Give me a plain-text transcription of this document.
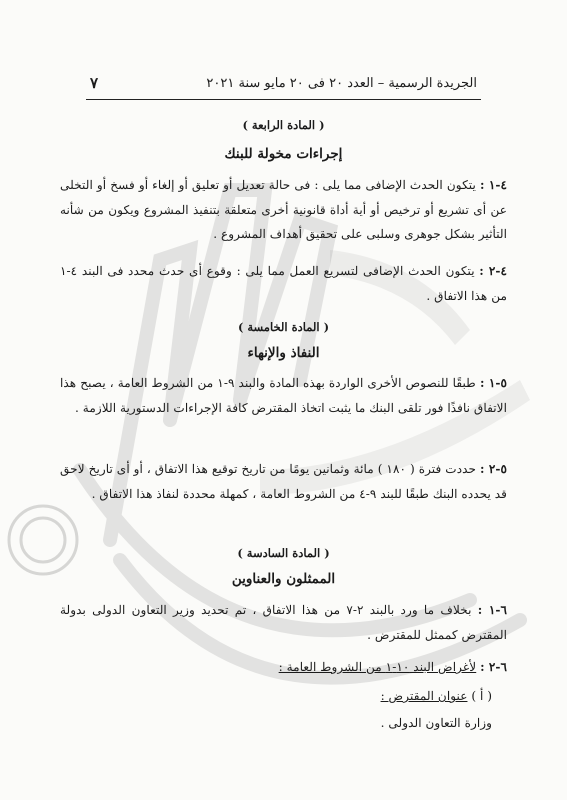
٧	الجريدة الرسمية – العدد ٢٠ فى ٢٠ مايو سنة ٢٠٢١
( المادة الرابعة )
إجراءات مخولة للبنك
٤-١ : يتكون الحدث الإضافى مما يلى : فى حالة تعديل أو تعليق أو إلغاء أو فسخ أو التخلى عن أى تشريع أو ترخيص أو أية أداة قانونية أخرى متعلقة بتنفيذ المشروع ويكون من شأنه التأثير بشكل جوهرى وسلبى على تحقيق أهداف المشروع .
٤-٢ : يتكون الحدث الإضافى لتسريع العمل مما يلى : وقوع أى حدث محدد فى البند ٤-١ من هذا الاتفاق .
( المادة الخامسة )
النفاذ والإنهاء
٥-١ : طبقًا للنصوص الأخرى الواردة بهذه المادة والبند ٩-١ من الشروط العامة ، يصبح هذا الاتفاق نافذًا فور تلقى البنك ما يثبت اتخاذ المقترض كافة الإجراءات الدستورية اللازمة .
٥-٢ : حددت فترة ( ١٨٠ ) مائة وثمانين يومًا من تاريخ توقيع هذا الاتفاق ، أو أى تاريخ لاحق قد يحدده البنك طبقًا للبند ٩-٤ من الشروط العامة ، كمهلة محددة لنفاذ هذا الاتفاق .
( المادة السادسة )
الممثلون والعناوين
٦-١ : بخلاف ما ورد بالبند ٢-٧ من هذا الاتفاق ، تم تحديد وزير التعاون الدولى بدولة المقترض كممثل للمقترض .
٦-٢ : لأغراض البند ١٠-١ من الشروط العامة :
( أ ) عنوان المقترض :
وزارة التعاون الدولى .
